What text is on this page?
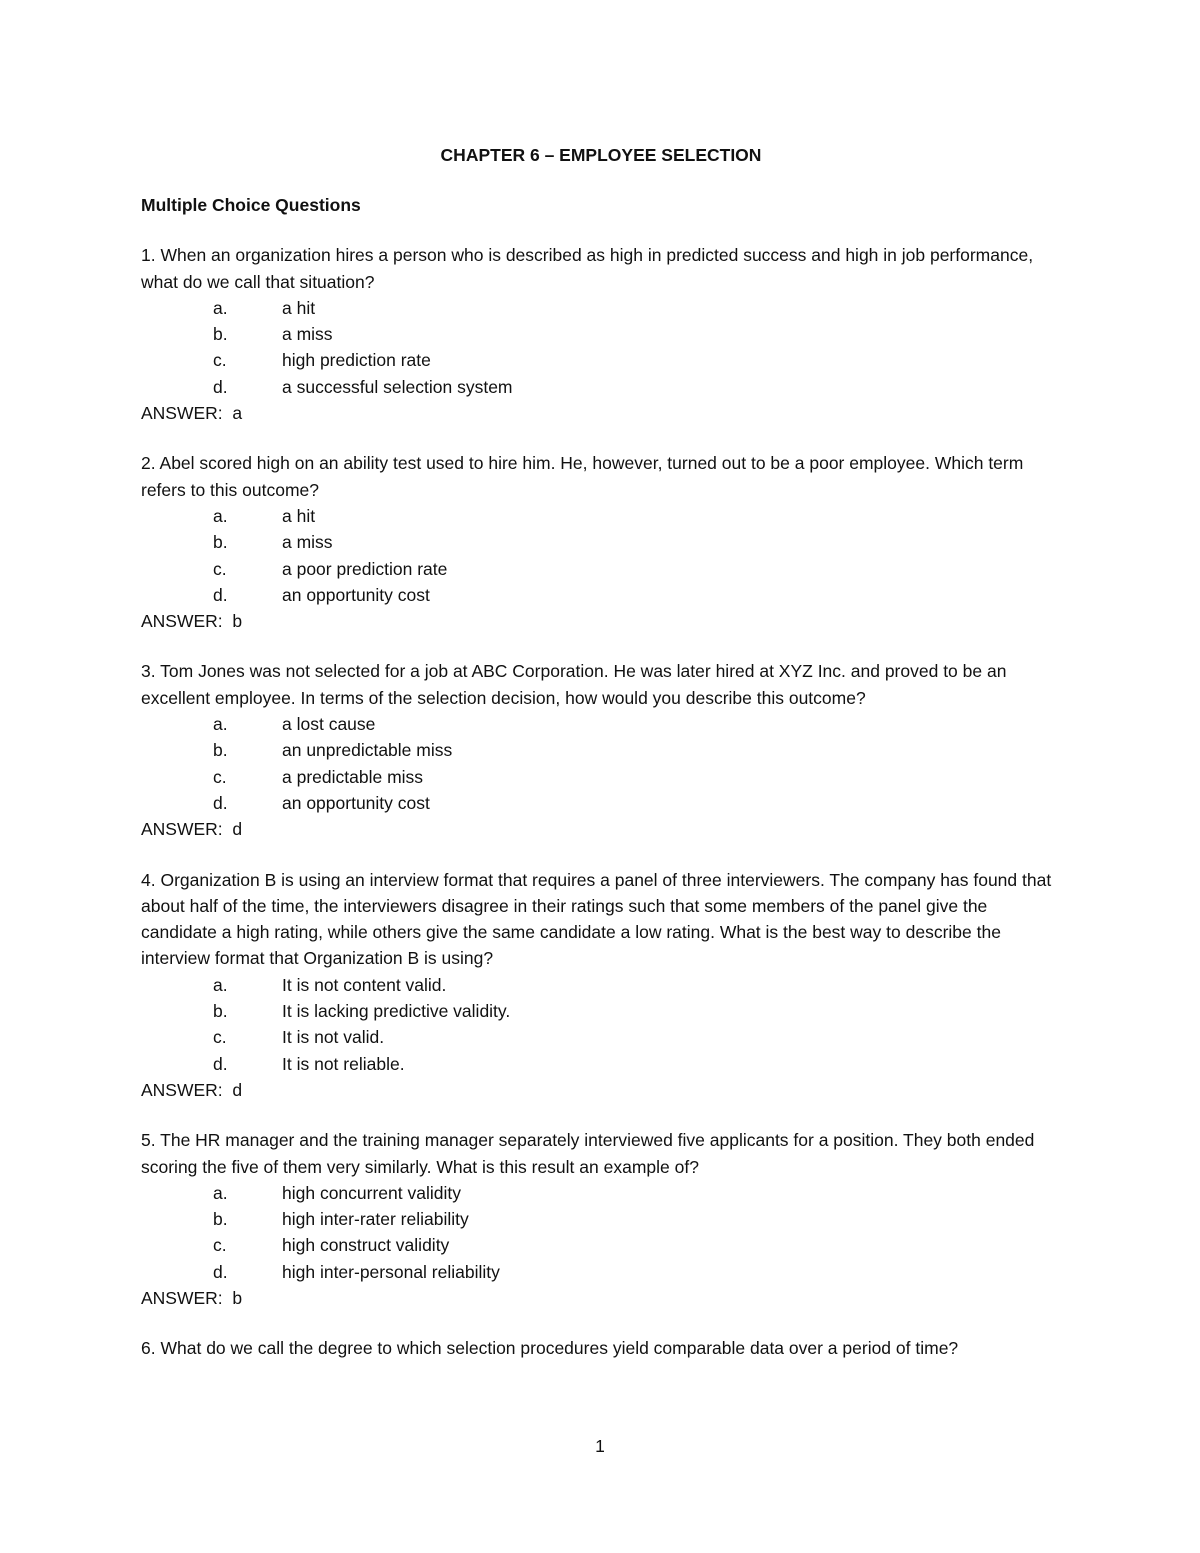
CHAPTER 6 – EMPLOYEE SELECTION

Multiple Choice Questions
1. When an organization hires a person who is described as high in predicted success and high in job performance, what do we call that situation?
a.	a hit
b.	a miss
c.	high prediction rate
d.	a successful selection system
ANSWER:  a
2. Abel scored high on an ability test used to hire him. He, however, turned out to be a poor employee. Which term refers to this outcome?
a.	a hit
b.	a miss
c.	a poor prediction rate
d.	an opportunity cost
ANSWER:  b
3. Tom Jones was not selected for a job at ABC Corporation. He was later hired at XYZ Inc. and proved to be an excellent employee. In terms of the selection decision, how would you describe this outcome?
a.	a lost cause
b.	an unpredictable miss
c.	a predictable miss
d.	an opportunity cost
ANSWER:  d
4. Organization B is using an interview format that requires a panel of three interviewers. The company has found that about half of the time, the interviewers disagree in their ratings such that some members of the panel give the candidate a high rating, while others give the same candidate a low rating. What is the best way to describe the interview format that Organization B is using?
a.	It is not content valid.
b.	It is lacking predictive validity.
c.	It is not valid.
d.	It is not reliable.
ANSWER:  d
5. The HR manager and the training manager separately interviewed five applicants for a position. They both ended scoring the five of them very similarly. What is this result an example of?
a.	high concurrent validity
b.	high inter-rater reliability
c.	high construct validity
d.	high inter-personal reliability
ANSWER:  b
6. What do we call the degree to which selection procedures yield comparable data over a period of time?
1
